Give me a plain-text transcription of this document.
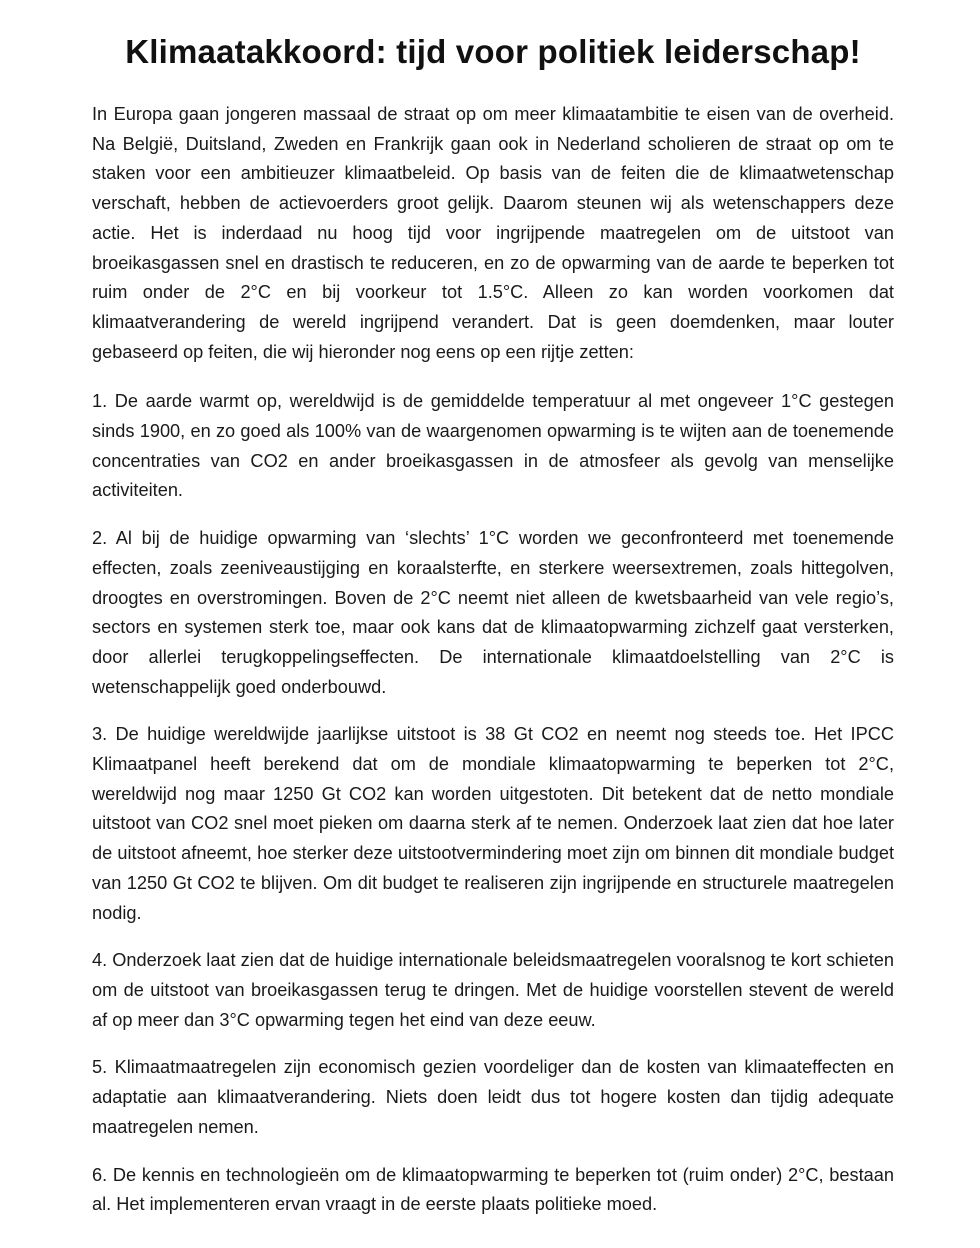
Klimaatakkoord: tijd voor politiek leiderschap!

In Europa gaan jongeren massaal de straat op om meer klimaatambitie te eisen van de overheid. Na België, Duitsland, Zweden en Frankrijk gaan ook in Nederland scholieren de straat op om te staken voor een ambitieuzer klimaatbeleid. Op basis van de feiten die de klimaatwetenschap verschaft, hebben de actievoerders groot gelijk. Daarom steunen wij als wetenschappers deze actie. Het is inderdaad nu hoog tijd voor ingrijpende maatregelen om de uitstoot van broeikasgassen snel en drastisch te reduceren, en zo de opwarming van de aarde te beperken tot ruim onder de 2°C en bij voorkeur tot 1.5°C. Alleen zo kan worden voorkomen dat klimaatverandering de wereld ingrijpend verandert. Dat is geen doemdenken, maar louter gebaseerd op feiten, die wij hieronder nog eens op een rijtje zetten:

1. De aarde warmt op, wereldwijd is de gemiddelde temperatuur al met ongeveer 1°C gestegen sinds 1900, en zo goed als 100% van de waargenomen opwarming is te wijten aan de toenemende concentraties van CO2 en ander broeikasgassen in de atmosfeer als gevolg van menselijke activiteiten.

2. Al bij de huidige opwarming van ‘slechts’ 1°C worden we geconfronteerd met toenemende effecten, zoals zeeniveaustijging en koraalsterfte, en sterkere weersextremen, zoals hittegolven, droogtes en overstromingen. Boven de 2°C neemt niet alleen de kwetsbaarheid van vele regio’s, sectors en systemen sterk toe, maar ook kans dat de klimaatopwarming zichzelf gaat versterken, door allerlei terugkoppelingseffecten. De internationale klimaatdoelstelling van 2°C is wetenschappelijk goed onderbouwd.

3. De huidige wereldwijde jaarlijkse uitstoot is 38 Gt CO2 en neemt nog steeds toe. Het IPCC Klimaatpanel heeft berekend dat om de mondiale klimaatopwarming te beperken tot 2°C, wereldwijd nog maar 1250 Gt CO2 kan worden uitgestoten. Dit betekent dat de netto mondiale uitstoot van CO2 snel moet pieken om daarna sterk af te nemen. Onderzoek laat zien dat hoe later de uitstoot afneemt, hoe sterker deze uitstootvermindering moet zijn om binnen dit mondiale budget van 1250 Gt CO2 te blijven. Om dit budget te realiseren zijn ingrijpende en structurele maatregelen nodig.

4. Onderzoek laat zien dat de huidige internationale beleidsmaatregelen vooralsnog te kort schieten om de uitstoot van broeikasgassen terug te dringen. Met de huidige voorstellen stevent de wereld af op meer dan 3°C opwarming tegen het eind van deze eeuw.

5. Klimaatmaatregelen zijn economisch gezien voordeliger dan de kosten van klimaateffecten en adaptatie aan klimaatverandering. Niets doen leidt dus tot hogere kosten dan tijdig adequate maatregelen nemen.

6. De kennis en technologieën om de klimaatopwarming te beperken tot (ruim onder) 2°C, bestaan al. Het implementeren ervan vraagt in de eerste plaats politieke moed.
